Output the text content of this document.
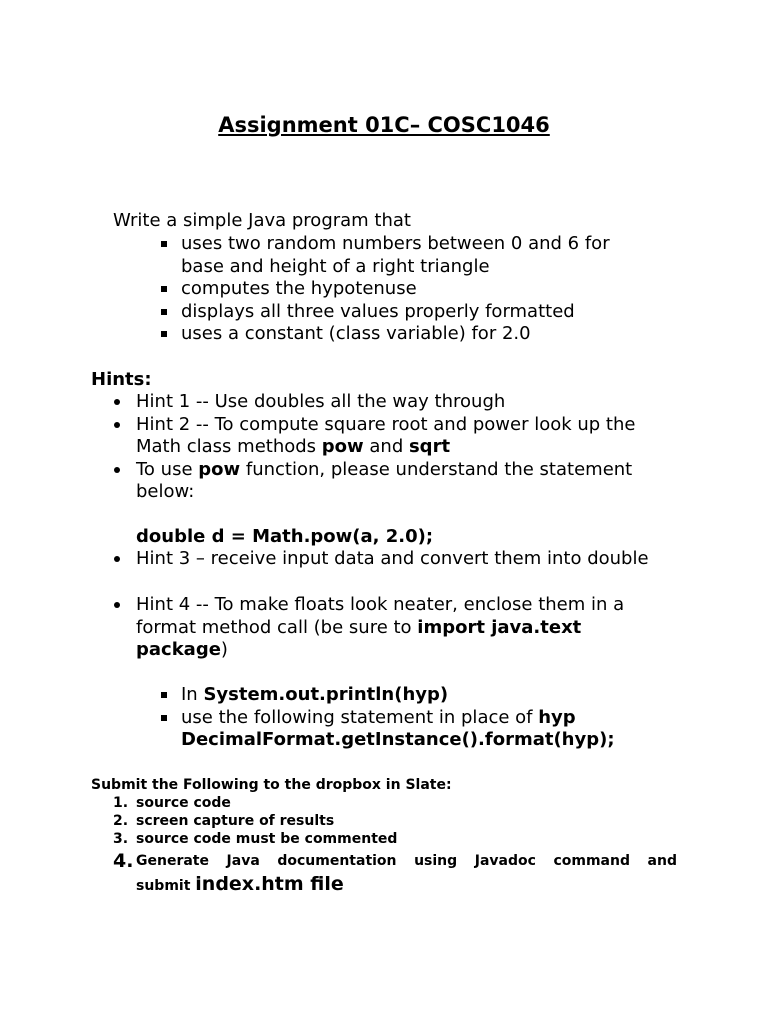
Assignment 01C– COSC1046
Write a simple Java program that
uses two random numbers between 0 and 6 for
base and height of a right triangle
computes the hypotenuse
displays all three values properly formatted
uses a constant (class variable) for 2.0
Hints:
Hint 1 -- Use doubles all the way through
Hint 2 -- To compute square root and power look up the
Math class methods pow and sqrt
To use pow function, please understand the statement
below:
double d = Math.pow(a, 2.0);
Hint 3 – receive input data and convert them into double
Hint 4 -- To make floats look neater, enclose them in a
format method call (be sure to import java.text
package)
In System.out.println(hyp)
use the following statement in place of hyp
DecimalFormat.getInstance().format(hyp);
Submit the Following to the dropbox in Slate:
1. source code
2. screen capture of results
3. source code must be commented
4. Generate Java documentation using Javadoc command and
submit index.htm file
